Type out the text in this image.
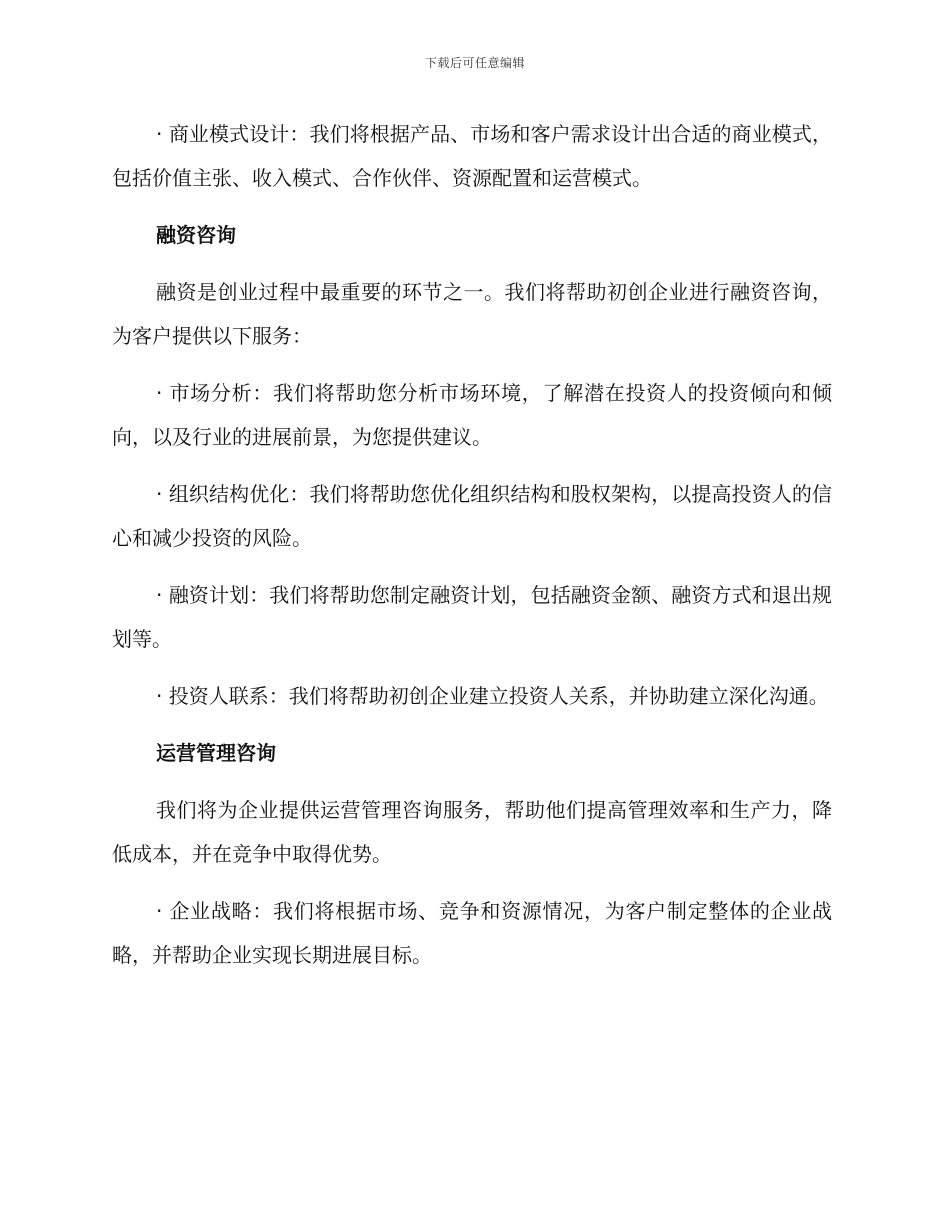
下载后可任意编辑

· 商业模式设计：我们将根据产品、市场和客户需求设计出合适的商业模式，包括价值主张、收入模式、合作伙伴、资源配置和运营模式。

融资咨询

融资是创业过程中最重要的环节之一。我们将帮助初创企业进行融资咨询，为客户提供以下服务：

· 市场分析：我们将帮助您分析市场环境，了解潜在投资人的投资倾向和倾向，以及行业的进展前景，为您提供建议。

· 组织结构优化：我们将帮助您优化组织结构和股权架构，以提高投资人的信心和减少投资的风险。

· 融资计划：我们将帮助您制定融资计划，包括融资金额、融资方式和退出规划等。

· 投资人联系：我们将帮助初创企业建立投资人关系，并协助建立深化沟通。

运营管理咨询

我们将为企业提供运营管理咨询服务，帮助他们提高管理效率和生产力，降低成本，并在竞争中取得优势。

· 企业战略：我们将根据市场、竞争和资源情况，为客户制定整体的企业战略，并帮助企业实现长期进展目标。
